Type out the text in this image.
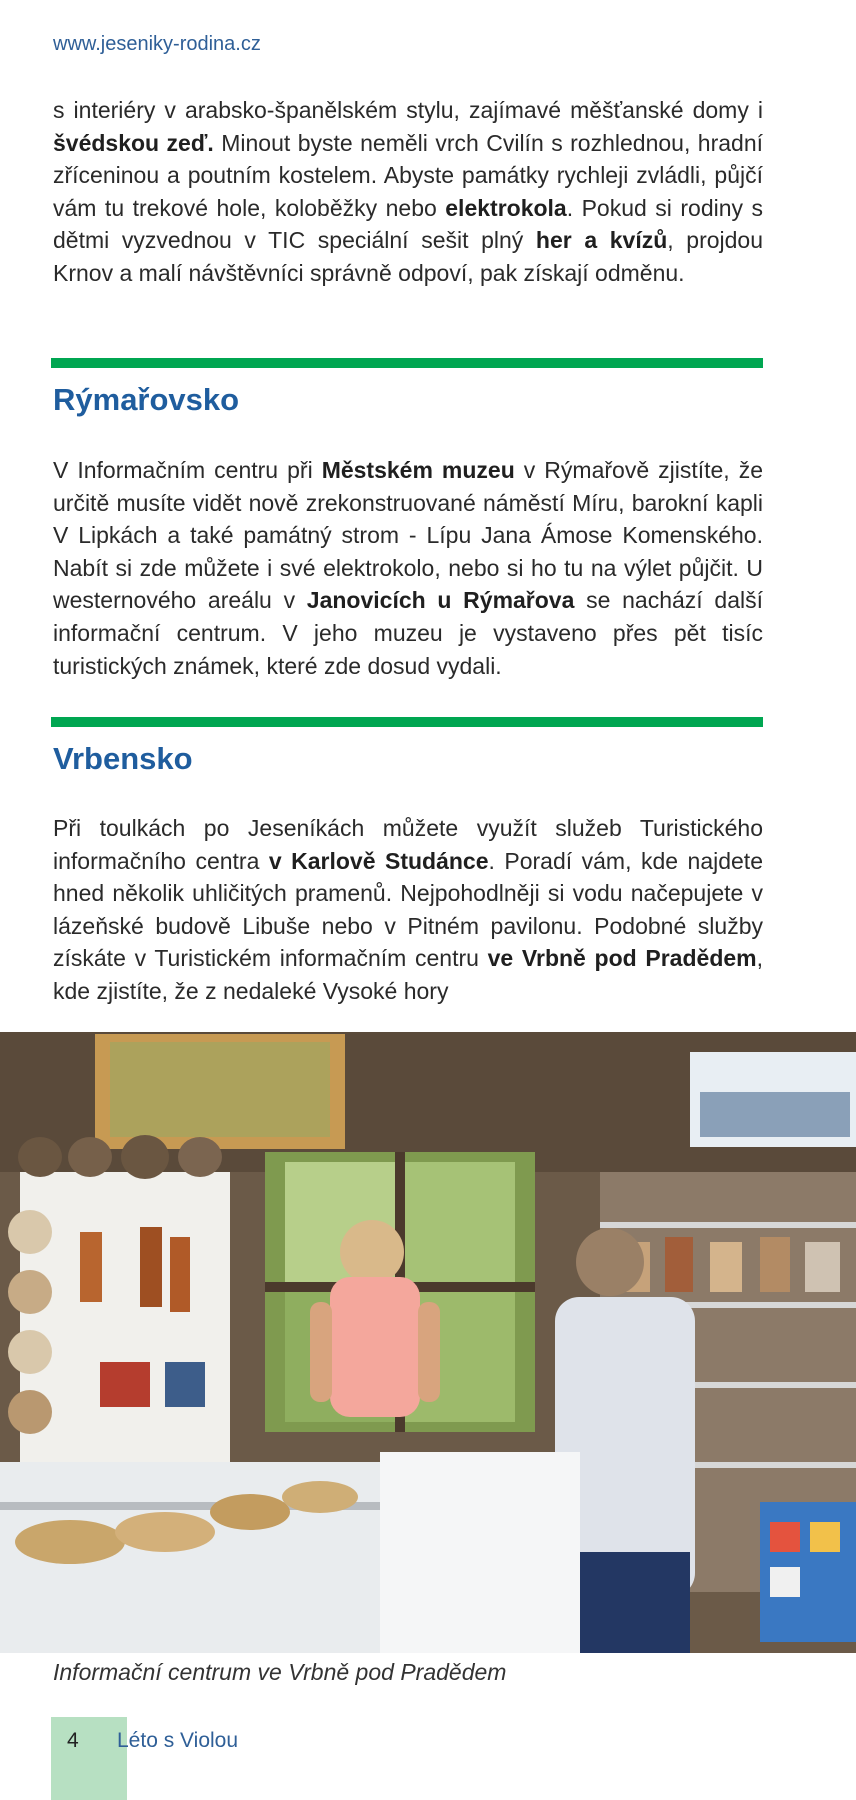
www.jeseniky-rodina.cz

s interiéry v arabsko-španělském stylu, zajímavé měšťanské domy i švédskou zeď. Minout byste neměli vrch Cvilín s rozhlednou, hradní zříceninou a poutním kostelem. Abyste památky rychleji zvládli, půjčí vám tu trekové hole, koloběžky nebo elektrokola. Pokud si rodiny s dětmi vyzvednou v TIC speciální sešit plný her a kvízů, projdou Krnov a malí návštěvníci správně odpoví, pak získají odměnu.

Rýmařovsko

V Informačním centru při Městském muzeu v Rýmařově zjistíte, že určitě musíte vidět nově zrekonstruované náměstí Míru, barokní kapli V Lipkách a také památný strom - Lípu Jana Ámose Komenského. Nabít si zde můžete i své elektrokolo, nebo si ho tu na výlet půjčit. U westernového areálu v Janovicích u Rýmařova se nachází další informační centrum. V jeho muzeu je vystaveno přes pět tisíc turistických známek, které zde dosud vydali.

Vrbensko

Při toulkách po Jeseníkách můžete využít služeb Turistického informačního centra v Karlově Studánce. Poradí vám, kde najdete hned několik uhličitých pramenů. Nejpohodlněji si vodu načepujete v lázeňské budově Libuše nebo v Pitném pavilonu. Podobné služby získáte v Turistickém informačním centru ve Vrbně pod Pradědem, kde zjistíte, že z nedaleké Vysoké hory

Informační centrum ve Vrbně pod Pradědem
4 Léto s Violou
